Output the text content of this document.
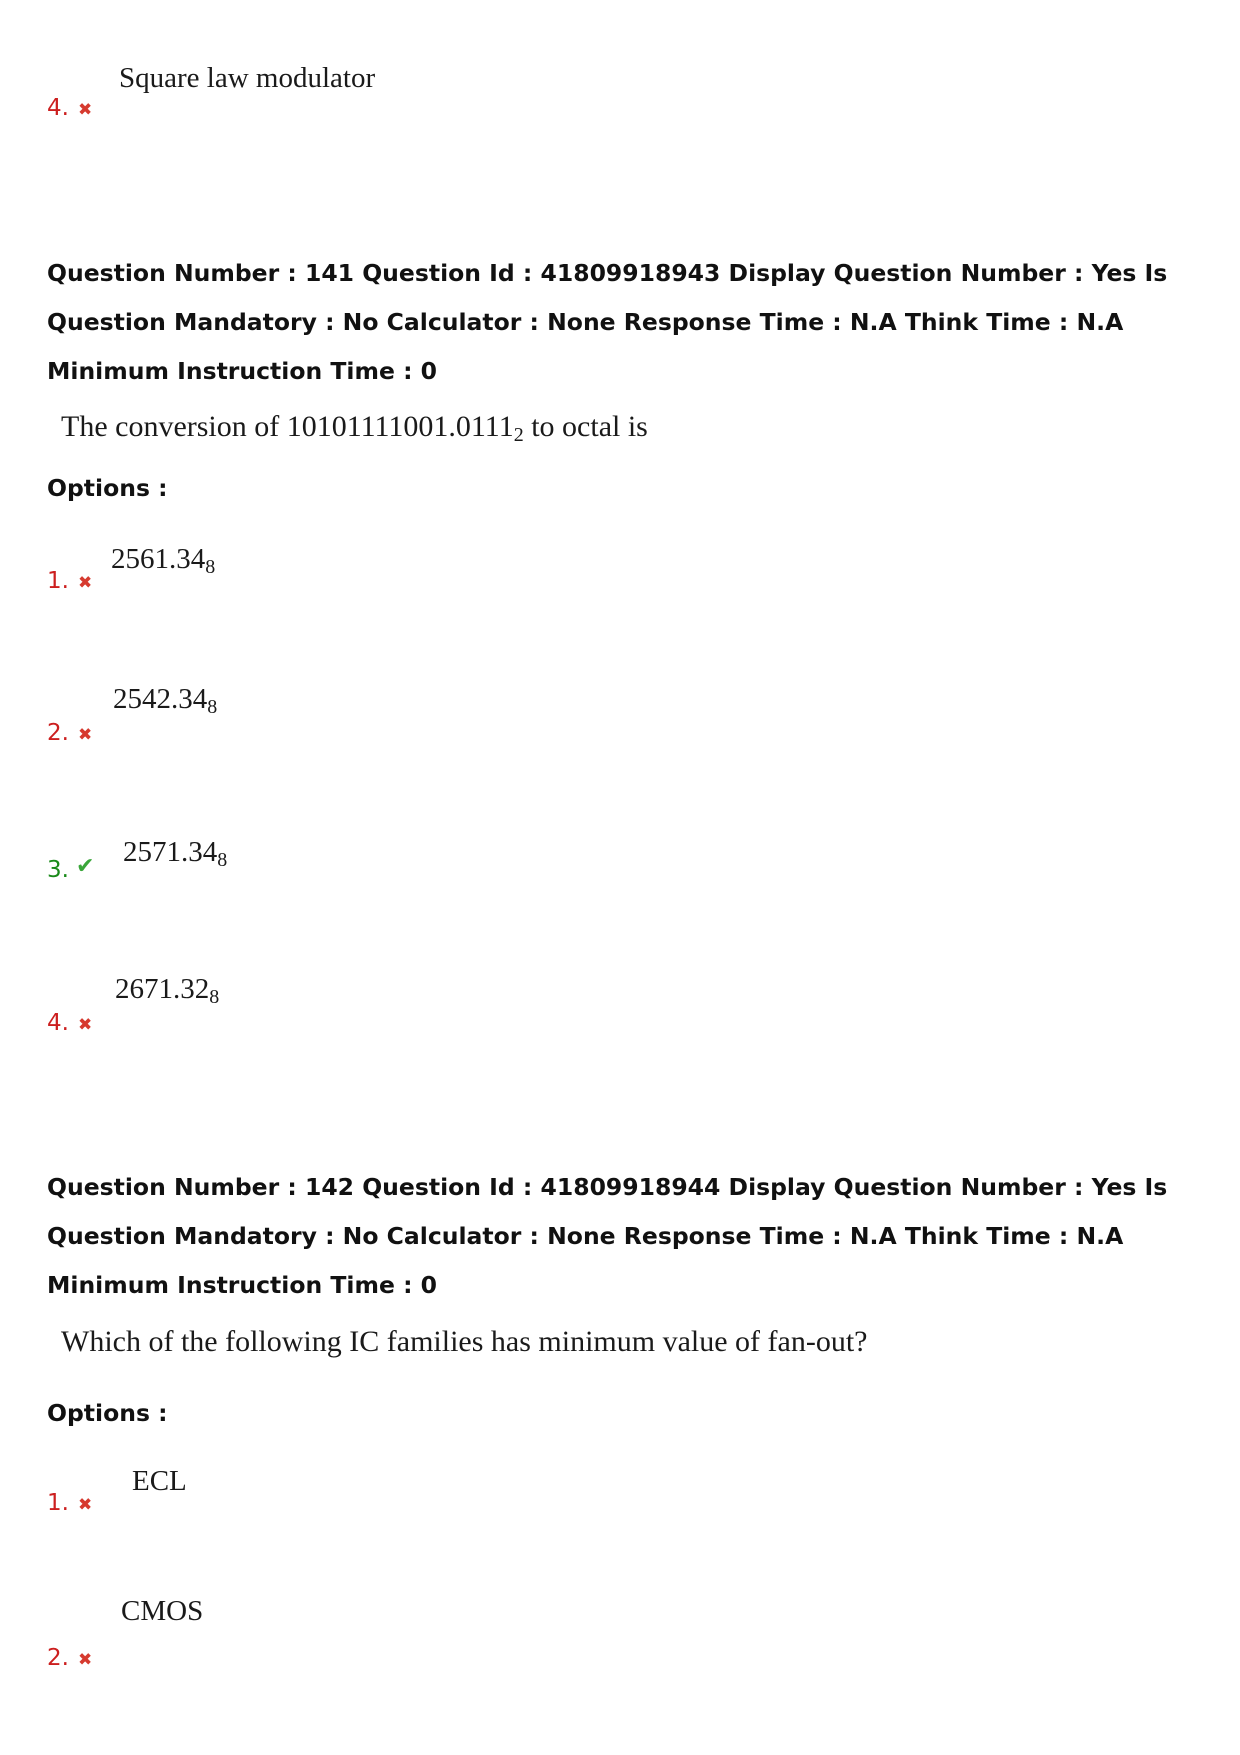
Square law modulator
4. ✖
Question Number : 141 Question Id : 41809918943 Display Question Number : Yes Is Question Mandatory : No Calculator : None Response Time : N.A Think Time : N.A Minimum Instruction Time : 0
The conversion of $10101111001.0111_2$ to octal is
Options :
$2561.34_8$
1. ✖
$2542.34_8$
2. ✖
$2571.34_8$
3. ✔
$2671.32_8$
4. ✖
Question Number : 142 Question Id : 41809918944 Display Question Number : Yes Is Question Mandatory : No Calculator : None Response Time : N.A Think Time : N.A Minimum Instruction Time : 0
Which of the following IC families has minimum value of fan-out?
Options :
ECL
1. ✖
CMOS
2. ✖
